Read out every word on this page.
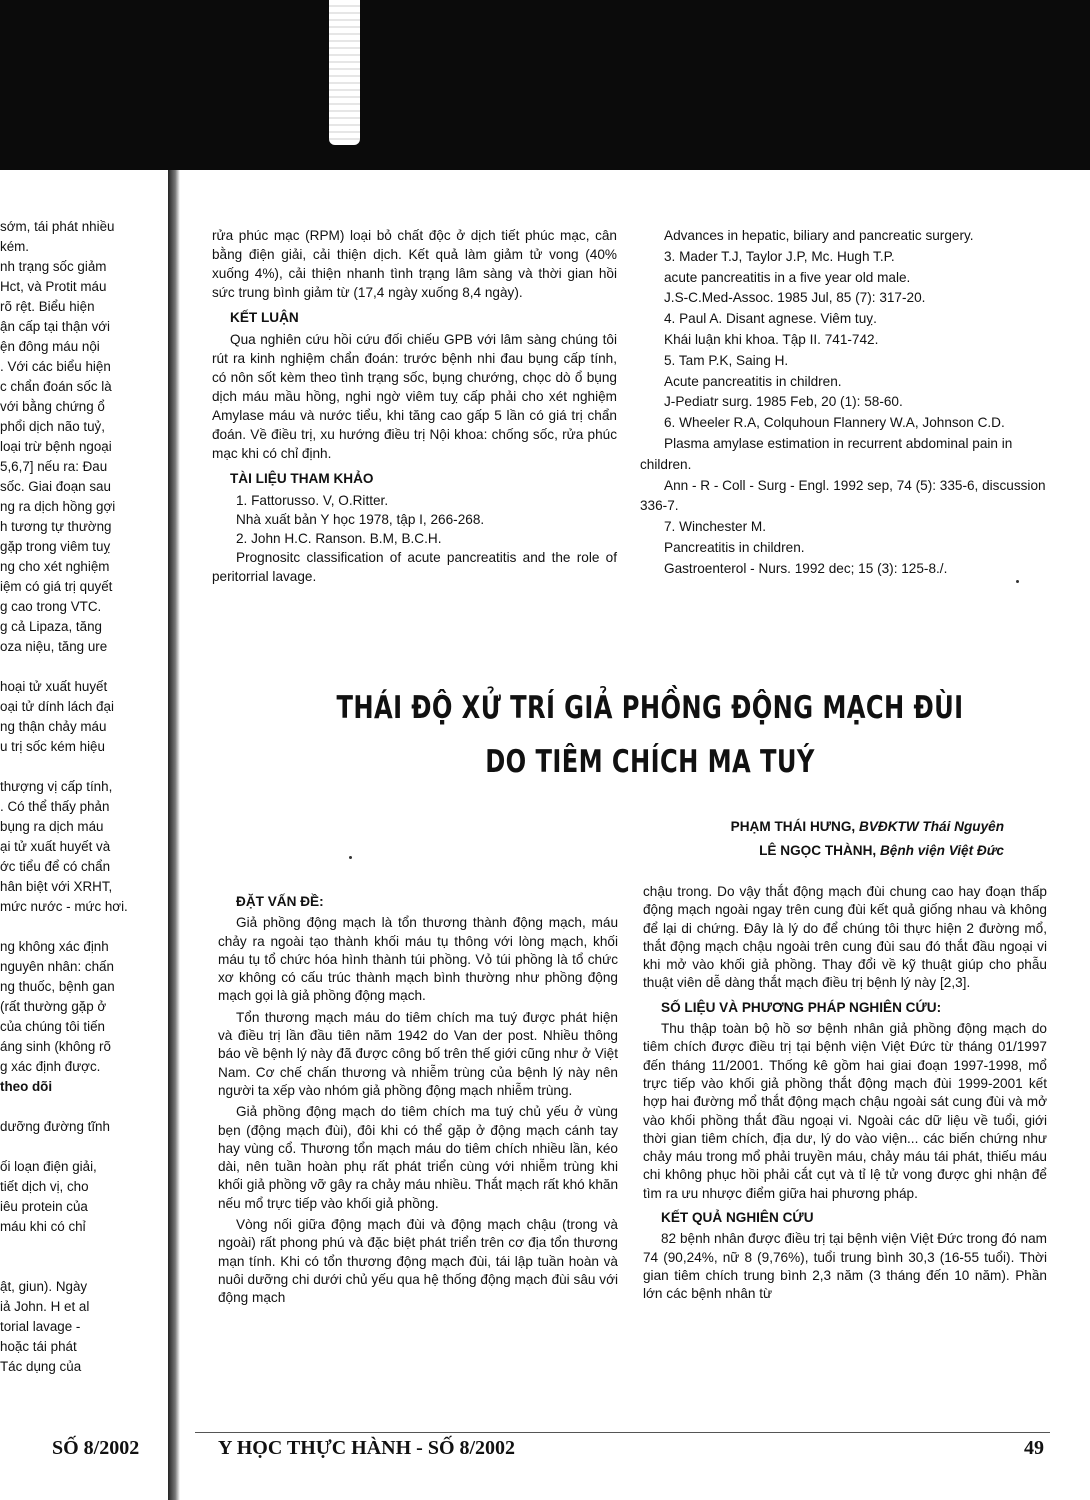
sớm, tái phát nhiều
kém.
nh trạng sốc giảm
Hct, và Protit máu
rõ rệt. Biểu hiện
ận cấp tại thận với
ện đông máu nội
. Với các biểu hiện
c chẩn đoán sốc là
với bằng chứng ổ
phổi dịch não tuỷ,
loại trừ bệnh ngoại
5,6,7] nếu ra: Đau
sốc. Giai đoạn sau
ng ra dịch hồng gợi
h tương tự thường
gặp trong viêm tuỵ
ng cho xét nghiệm
iệm có giá trị quyết
g cao trong VTC.
g cả Lipaza, tăng
oza niệu, tăng ure

hoại tử xuất huyết
oại tử dính lách đại
ng thận chảy máu
u trị sốc kém hiệu

thượng vị cấp tính,
. Có thể thấy phản
bụng ra dịch máu
ại tử xuất huyết và
ớc tiểu để có chẩn
hân biệt với XRHT,
mức nước - mức hơi.

ng không xác định
nguyên nhân: chấn
ng thuốc, bệnh gan
(rất thường gặp ở
của chúng tôi tiến
áng sinh (không rõ
g xác định được.
theo dõi

dưỡng đường tĩnh

ối loạn điện giải,
tiết dịch vị, cho
iêu protein của
máu khi có chỉ

ật, giun). Ngày
iả John. H et al
torial lavage -
hoặc tái phát
Tác dụng của

rửa phúc mạc (RPM) loại bỏ chất độc ở dịch tiết phúc mạc, cân bằng điện giải, cải thiện dịch. Kết quả làm giảm tử vong (40% xuống 4%), cải thiện nhanh tình trạng lâm sàng và thời gian hồi sức trung bình giảm từ (17,4 ngày xuống 8,4 ngày).

KẾT LUẬN

Qua nghiên cứu hồi cứu đối chiếu GPB với lâm sàng chúng tôi rút ra kinh nghiệm chẩn đoán: trước bệnh nhi đau bụng cấp tính, có nôn sốt kèm theo tình trạng sốc, bụng chướng, chọc dò ổ bụng dịch máu mầu hồng, nghi ngờ viêm tuỵ cấp phải cho xét nghiệm Amylase máu và nước tiểu, khi tăng cao gấp 5 lần có giá trị chẩn đoán. Về điều trị, xu hướng điều trị Nội khoa: chống sốc, rửa phúc mạc khi có chỉ định.

TÀI LIỆU THAM KHẢO

1. Fattorusso. V, O.Ritter.

Nhà xuất bản Y học 1978, tập I, 266-268.

2. John H.C. Ranson. B.M, B.C.H.

Prognositc classification of acute pancreatitis and the role of peritorrial lavage.

Advances in hepatic, biliary and pancreatic surgery.

3. Mader T.J, Taylor J.P, Mc. Hugh T.P.

acute pancreatitis in a five year old male.

J.S-C.Med-Assoc. 1985 Jul, 85 (7): 317-20.

4. Paul A. Disant agnese. Viêm tuỵ.

Khái luận khi khoa. Tập II. 741-742.

5. Tam P.K, Saing H.

Acute pancreatitis in children.

J-Pediatr surg. 1985 Feb, 20 (1): 58-60.

6. Wheeler R.A, Colquhoun Flannery W.A, Johnson C.D.

Plasma amylase estimation in recurrent abdominal pain in children.

Ann - R - Coll - Surg - Engl. 1992 sep, 74 (5): 335-6, discussion 336-7.

7. Winchester M.

Pancreatitis in children.

Gastroenterol - Nurs. 1992 dec; 15 (3): 125-8./.

THÁI ĐỘ XỬ TRÍ GIẢ PHỒNG ĐỘNG MẠCH ĐÙI
DO TIÊM CHÍCH MA TUÝ
PHẠM THÁI HƯNG, BVĐKTW Thái Nguyên
LÊ NGỌC THÀNH, Bệnh viện Việt Đức
ĐẶT VẤN ĐỀ:

Giả phồng động mạch là tổn thương thành động mạch, máu chảy ra ngoài tạo thành khối máu tụ thông với lòng mạch, khối máu tụ tổ chức hóa hình thành túi phồng. Vỏ túi phồng là tổ chức xơ không có cấu trúc thành mạch bình thường như phồng động mạch gọi là giả phồng động mạch.

Tổn thương mạch máu do tiêm chích ma tuý được phát hiện và điều trị lần đầu tiên năm 1942 do Van der post. Nhiều thông báo về bệnh lý này đã được công bố trên thế giới cũng như ở Việt Nam. Cơ chế chấn thương và nhiễm trùng của bệnh lý này nên người ta xếp vào nhóm giả phồng động mạch nhiễm trùng.

Giả phồng động mạch do tiêm chích ma tuý chủ yếu ở vùng bẹn (động mạch đùi), đôi khi có thể gặp ở động mạch cánh tay hay vùng cổ. Thương tổn mạch máu do tiêm chích nhiều lần, kéo dài, nên tuần hoàn phụ rất phát triển cùng với nhiễm trùng khi khối giả phồng vỡ gây ra chảy máu nhiều. Thắt mạch rất khó khăn nếu mổ trực tiếp vào khối giả phồng.

Vòng nối giữa động mạch đùi và động mạch chậu (trong và ngoài) rất phong phú và đặc biệt phát triển trên cơ địa tổn thương mạn tính. Khi có tổn thương động mạch đùi, tái lập tuần hoàn và nuôi dưỡng chi dưới chủ yếu qua hệ thống động mạch đùi sâu với động mạch

chậu trong. Do vậy thắt động mạch đùi chung cao hay đoạn thấp động mạch ngoài ngay trên cung đùi kết quả giống nhau và không để lại di chứng. Đây là lý do để chúng tôi thực hiện 2 đường mổ, thắt động mạch chậu ngoài trên cung đùi sau đó thắt đầu ngoại vi khi mở vào khối giả phồng. Thay đổi về kỹ thuật giúp cho phẫu thuật viên dễ dàng thắt mạch điều trị bệnh lý này [2,3].

SỐ LIỆU VÀ PHƯƠNG PHÁP NGHIÊN CỨU:

Thu thập toàn bộ hồ sơ bệnh nhân giả phồng động mạch do tiêm chích được điều trị tại bệnh viện Việt Đức từ tháng 01/1997 đến tháng 11/2001. Thống kê gồm hai giai đoạn 1997-1998, mổ trực tiếp vào khối giả phồng thắt động mạch đùi 1999-2001 kết hợp hai đường mổ thắt động mạch chậu ngoài sát cung đùi và mở vào khối phồng thắt đầu ngoại vi. Ngoài các dữ liệu về tuổi, giới thời gian tiêm chích, địa dư, lý do vào viện... các biến chứng như chảy máu trong mổ phải truyền máu, chảy máu tái phát, thiếu máu chi không phục hồi phải cắt cụt và tỉ lệ tử vong được ghi nhận để tìm ra ưu nhược điểm giữa hai phương pháp.

KẾT QUẢ NGHIÊN CỨU

82 bệnh nhân được điều trị tại bệnh viện Việt Đức trong đó nam 74 (90,24%, nữ 8 (9,76%), tuổi trung bình 30,3 (16-55 tuổi). Thời gian tiêm chích trung bình 2,3 năm (3 tháng đến 10 năm). Phần lớn các bệnh nhân từ

SỐ 8/2002	Y HỌC THỰC HÀNH - SỐ 8/2002	49
